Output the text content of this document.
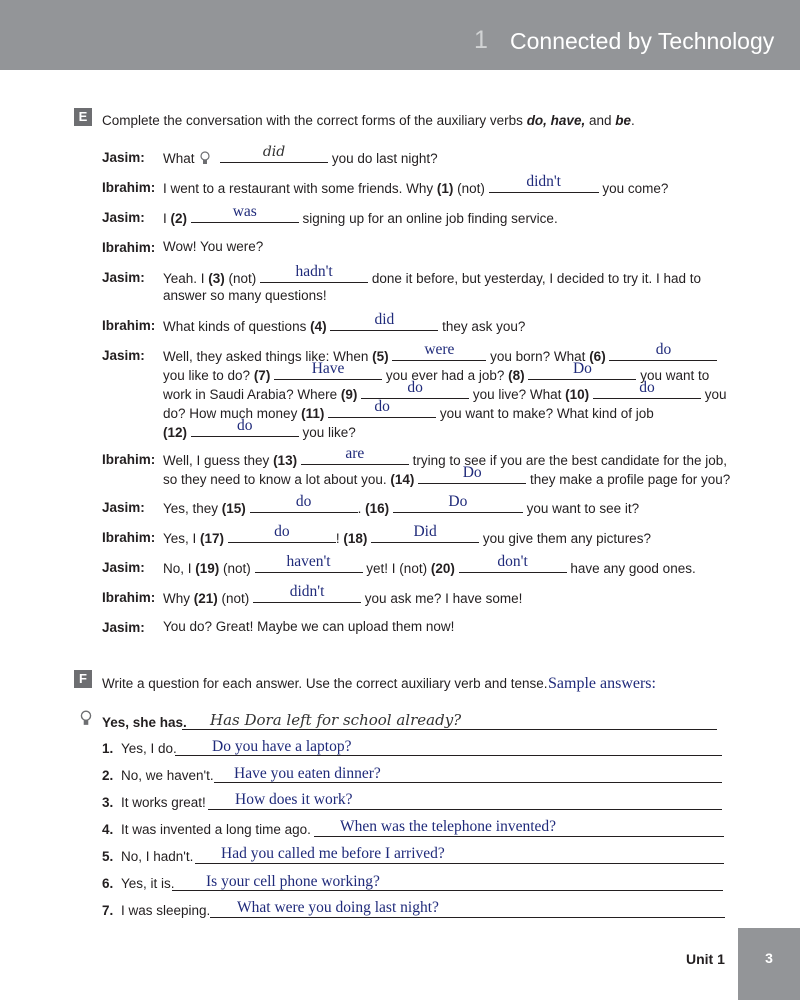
1 Connected by Technology
E	Complete the conversation with the correct forms of the auxiliary verbs do, have, and be.
Jasim: What	did	you do last night?
Ibrahim: I went to a restaurant with some friends. Why (1) (not)	didn't	you come?
Jasim: I (2)	was	signing up for an online job finding service.
Ibrahim: Wow! You were?
Jasim: Yeah. I (3) (not)	hadn't	done it before, but yesterday, I decided to try it. I had to
answer so many questions!
Ibrahim: What kinds of questions (4)	did	they ask you?
Jasim: Well, they asked things like: When (5)	were	you born? What (6)	do
you like to do? (7)	Have	you ever had a job? (8)	Do	you want to
work in Saudi Arabia? Where (9)	do	you live? What (10)	do	you
do? How much money (11)	do	you want to make? What kind of job
(12)	do	you like?
Ibrahim: Well, I guess they (13)	are	trying to see if you are the best candidate for the job,
so they need to know a lot about you. (14)	Do	they make a profile page for you?
Jasim: Yes, they (15)	do	. (16)	Do	you want to see it?
Ibrahim: Yes, I (17)	do	! (18)	Did	you give them any pictures?
Jasim: No, I (19) (not)	haven't	yet! I (not) (20)	don't	have any good ones.
Ibrahim: Why (21) (not)	didn't	you ask me? I have some!
Jasim: You do? Great! Maybe we can upload them now!
F	Write a question for each answer. Use the correct auxiliary verb and tense. Sample answers:
Yes, she has. Has Dora left for school already?
1. Yes, I do. Do you have a laptop?
2. No, we haven't. Have you eaten dinner?
3. It works great! How does it work?
4. It was invented a long time ago. When was the telephone invented?
5. No, I hadn't. Had you called me before I arrived?
6. Yes, it is. Is your cell phone working?
7. I was sleeping. What were you doing last night?
Unit 1	3
